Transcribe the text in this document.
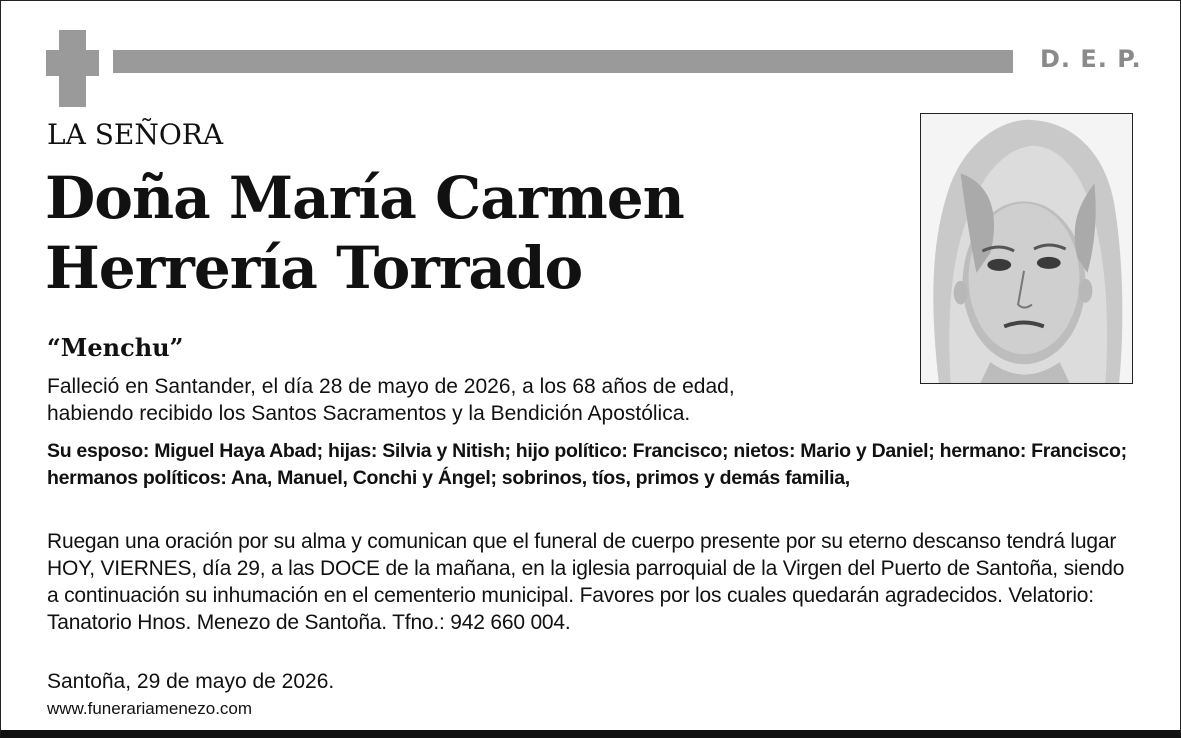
D. E. P.
LA SEÑORA
Doña María Carmen
Herrería Torrado
“Menchu”
Falleció en Santander, el día 28 de mayo de 2026, a los 68 años de edad,
habiendo recibido los Santos Sacramentos y la Bendición Apostólica.
Su esposo: Miguel Haya Abad; hijas: Silvia y Nitish; hijo político: Francisco; nietos: Mario y Daniel; hermano: Francisco; hermanos políticos: Ana, Manuel, Conchi y Ángel; sobrinos, tíos, primos y demás familia,
Ruegan una oración por su alma y comunican que el funeral de cuerpo presente por su eterno descanso tendrá lugar HOY, VIERNES, día 29, a las DOCE de la mañana, en la iglesia parroquial de la Virgen del Puerto de Santoña, siendo a continuación su inhumación en el cementerio municipal. Favores por los cuales quedarán agradecidos. Velatorio: Tanatorio Hnos. Menezo de Santoña. Tfno.: 942 660 004.
Santoña, 29 de mayo de 2026.
www.funerariamenezo.com
